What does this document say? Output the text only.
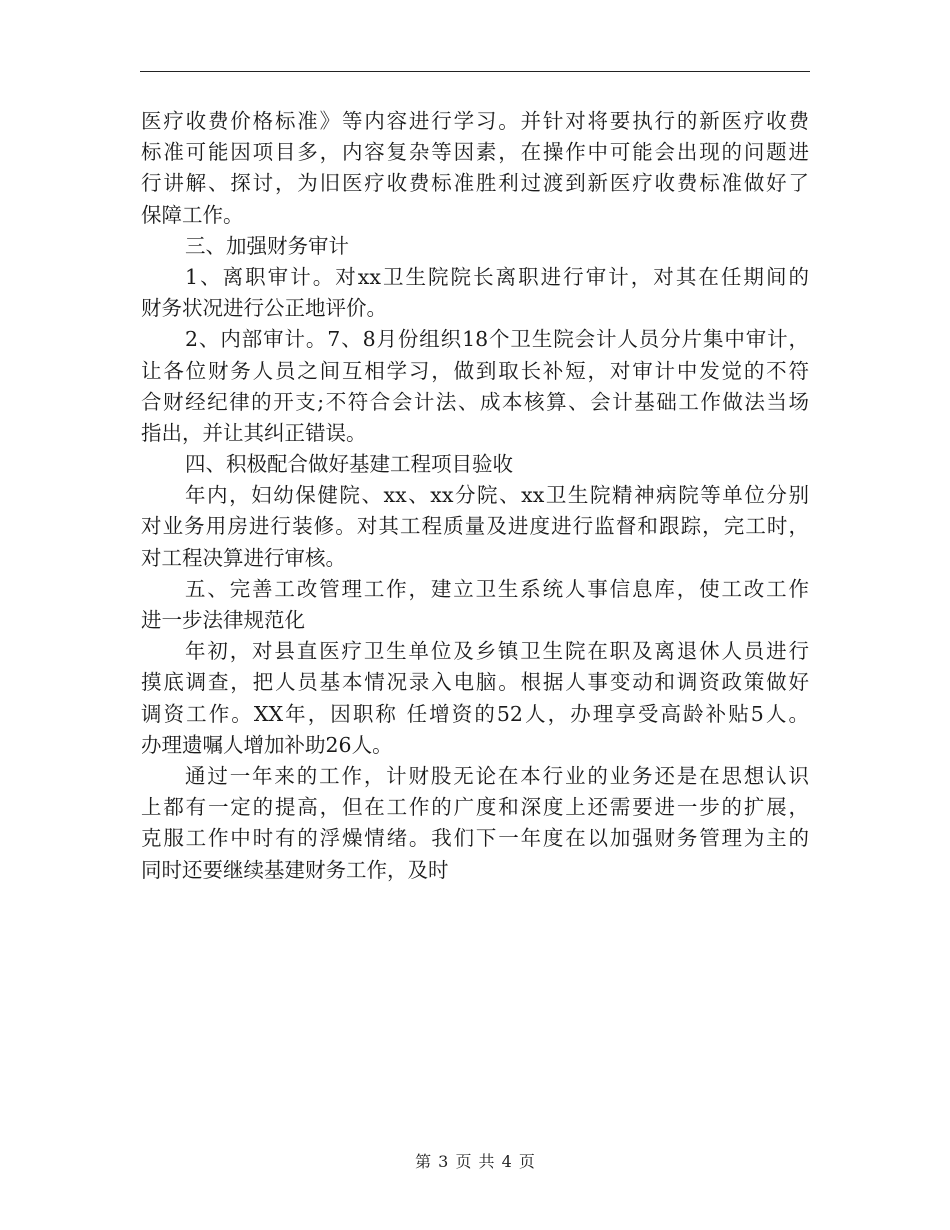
医疗收费价格标准》等内容进行学习。并针对将要执行的新医疗收费
标准可能因项目多，内容复杂等因素，在操作中可能会出现的问题进
行讲解、探讨，为旧医疗收费标准胜利过渡到新医疗收费标准做好了
保障工作。
三、加强财务审计
1、离职审计。对xx卫生院院长离职进行审计，对其在任期间的
财务状况进行公正地评价。
2、内部审计。7、8月份组织18个卫生院会计人员分片集中审计，
让各位财务人员之间互相学习，做到取长补短，对审计中发觉的不符
合财经纪律的开支;不符合会计法、成本核算、会计基础工作做法当场
指出，并让其纠正错误。
四、积极配合做好基建工程项目验收
年内，妇幼保健院、xx、xx分院、xx卫生院精神病院等单位分别
对业务用房进行装修。对其工程质量及进度进行监督和跟踪，完工时，
对工程决算进行审核。
五、完善工改管理工作，建立卫生系统人事信息库，使工改工作
进一步法律规范化
年初，对县直医疗卫生单位及乡镇卫生院在职及离退休人员进行
摸底调查，把人员基本情况录入电脑。根据人事变动和调资政策做好
调资工作。XX年，因职称 任增资的52人，办理享受高龄补贴5人。
办理遗嘱人增加补助26人。
通过一年来的工作，计财股无论在本行业的业务还是在思想认识
上都有一定的提高，但在工作的广度和深度上还需要进一步的扩展，
克服工作中时有的浮燥情绪。我们下一年度在以加强财务管理为主的
同时还要继续基建财务工作，及时
第 3 页 共 4 页
